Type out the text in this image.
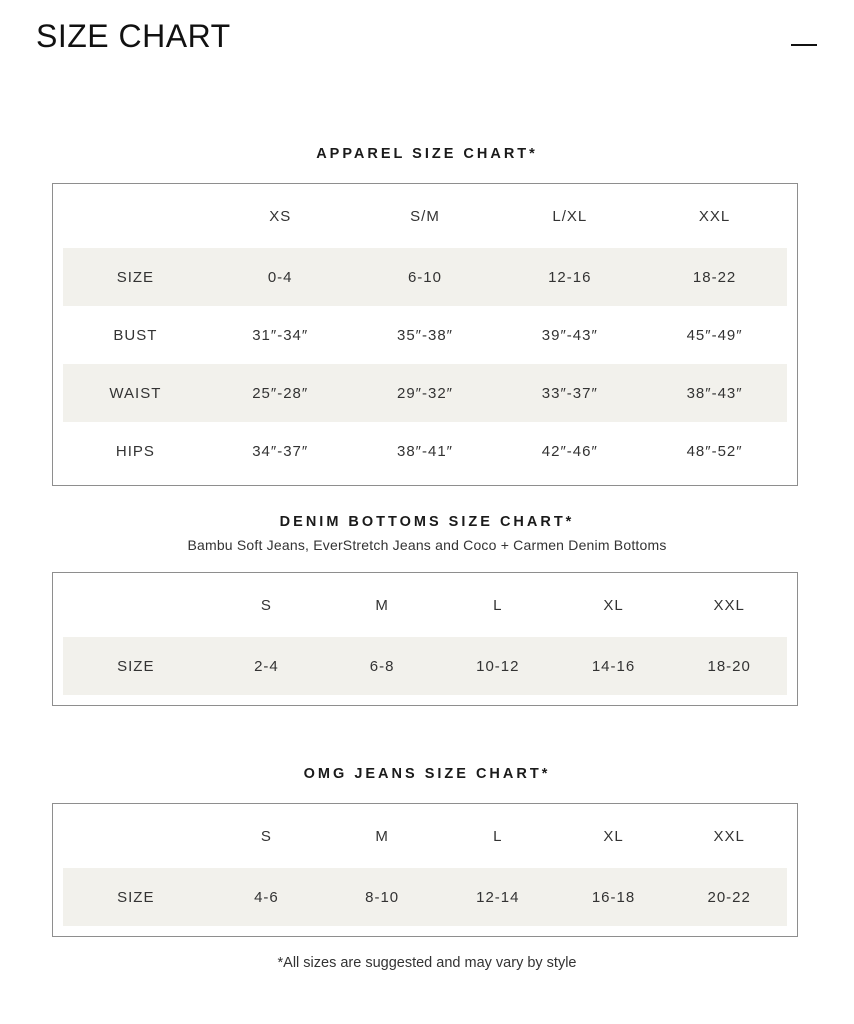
SIZE CHART
APPAREL SIZE CHART*
XS	S/M	L/XL	XXL
SIZE	0-4	6-10	12-16	18-22
BUST	31″-34″	35″-38″	39″-43″	45″-49″
WAIST	25″-28″	29″-32″	33″-37″	38″-43″
HIPS	34″-37″	38″-41″	42″-46″	48″-52″
DENIM BOTTOMS SIZE CHART*
Bambu Soft Jeans, EverStretch Jeans and Coco + Carmen Denim Bottoms
S	M	L	XL	XXL
SIZE	2-4	6-8	10-12	14-16	18-20
OMG JEANS SIZE CHART*
S	M	L	XL	XXL
SIZE	4-6	8-10	12-14	16-18	20-22
*All sizes are suggested and may vary by style
